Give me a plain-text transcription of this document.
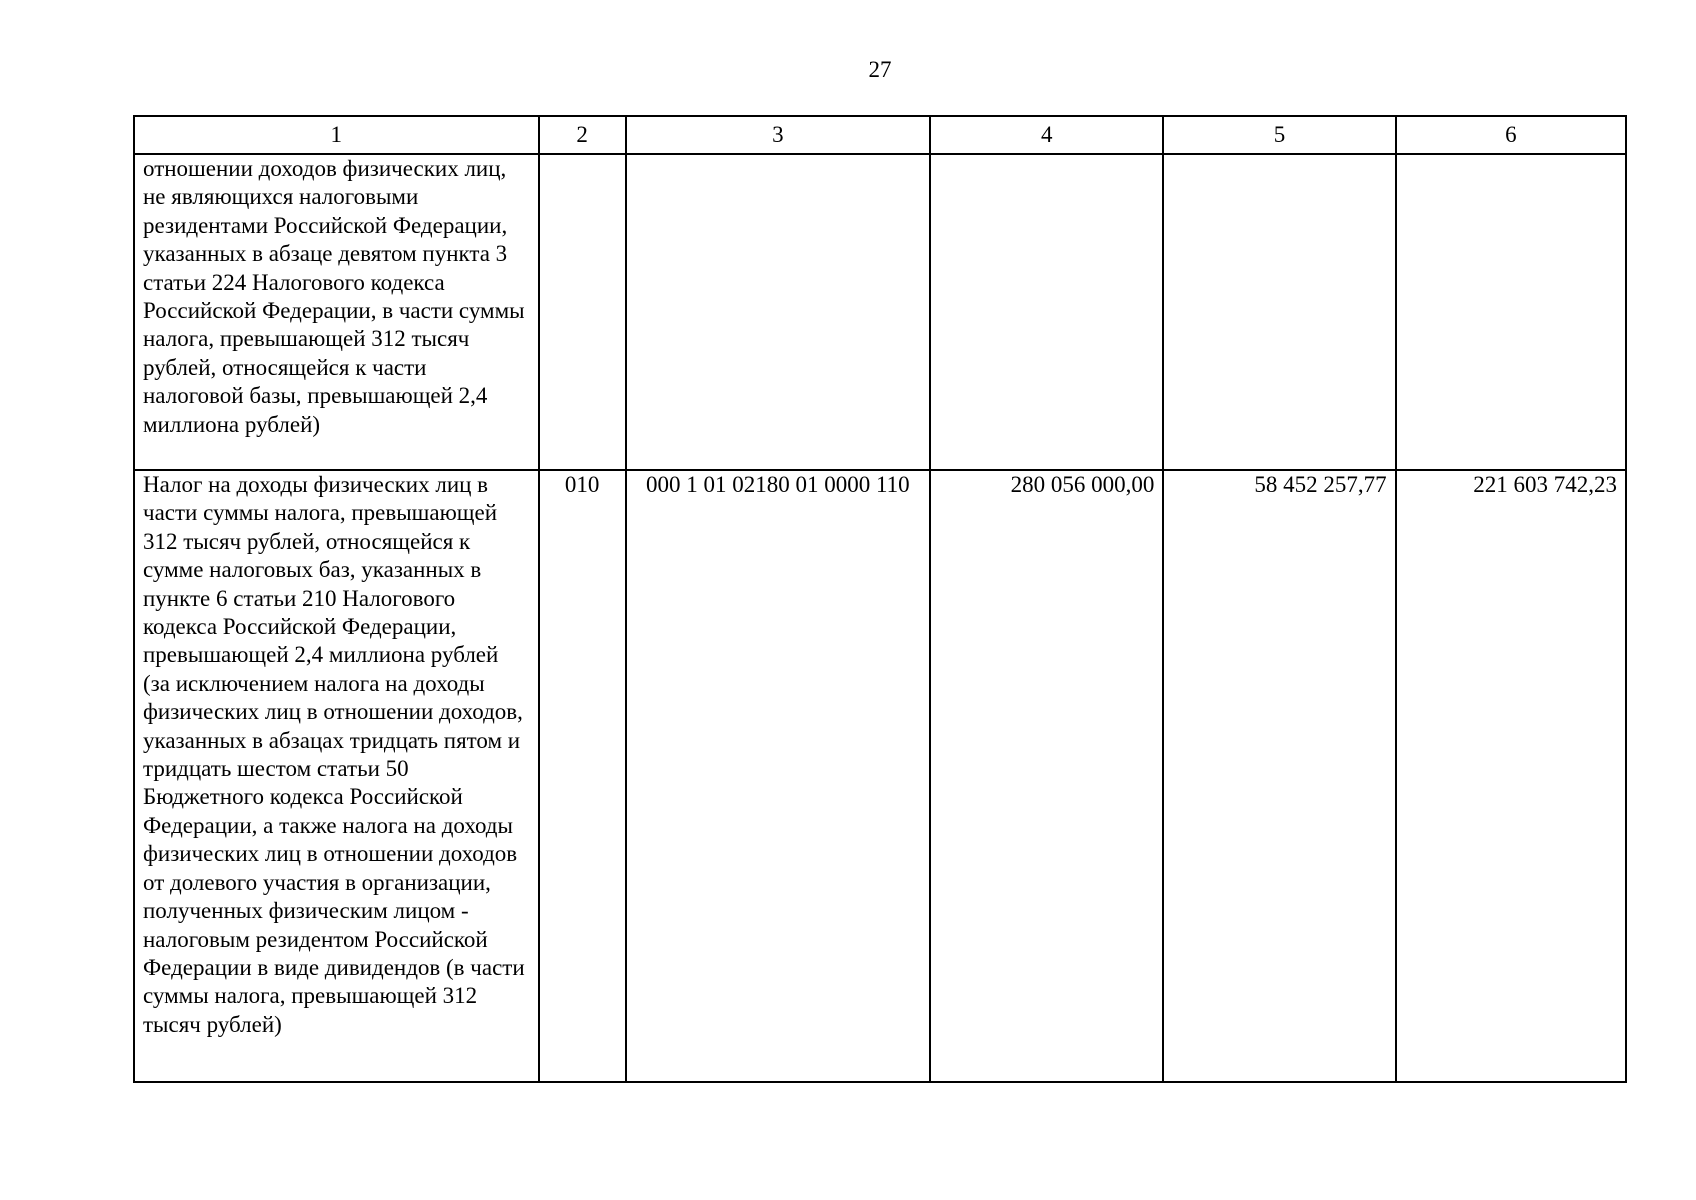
27
1	2	3	4	5	6
отношении доходов физических лиц, не являющихся налоговыми резидентами Российской Федерации, указанных в абзаце девятом пункта 3 статьи 224 Налогового кодекса Российской Федерации, в части суммы налога, превышающей 312 тысяч рублей, относящейся к части налоговой базы, превышающей 2,4 миллиона рублей)					
Налог на доходы физических лиц в части суммы налога, превышающей 312 тысяч рублей, относящейся к сумме налоговых баз, указанных в пункте 6 статьи 210 Налогового кодекса Российской Федерации, превышающей 2,4 миллиона рублей (за исключением налога на доходы физических лиц в отношении доходов, указанных в абзацах тридцать пятом и тридцать шестом статьи 50 Бюджетного кодекса Российской Федерации, а также налога на доходы физических лиц в отношении доходов от долевого участия в организации, полученных физическим лицом - налоговым резидентом Российской Федерации в виде дивидендов (в части суммы налога, превышающей 312 тысяч рублей)	010	000 1 01 02180 01 0000 110	280 056 000,00	58 452 257,77	221 603 742,23
